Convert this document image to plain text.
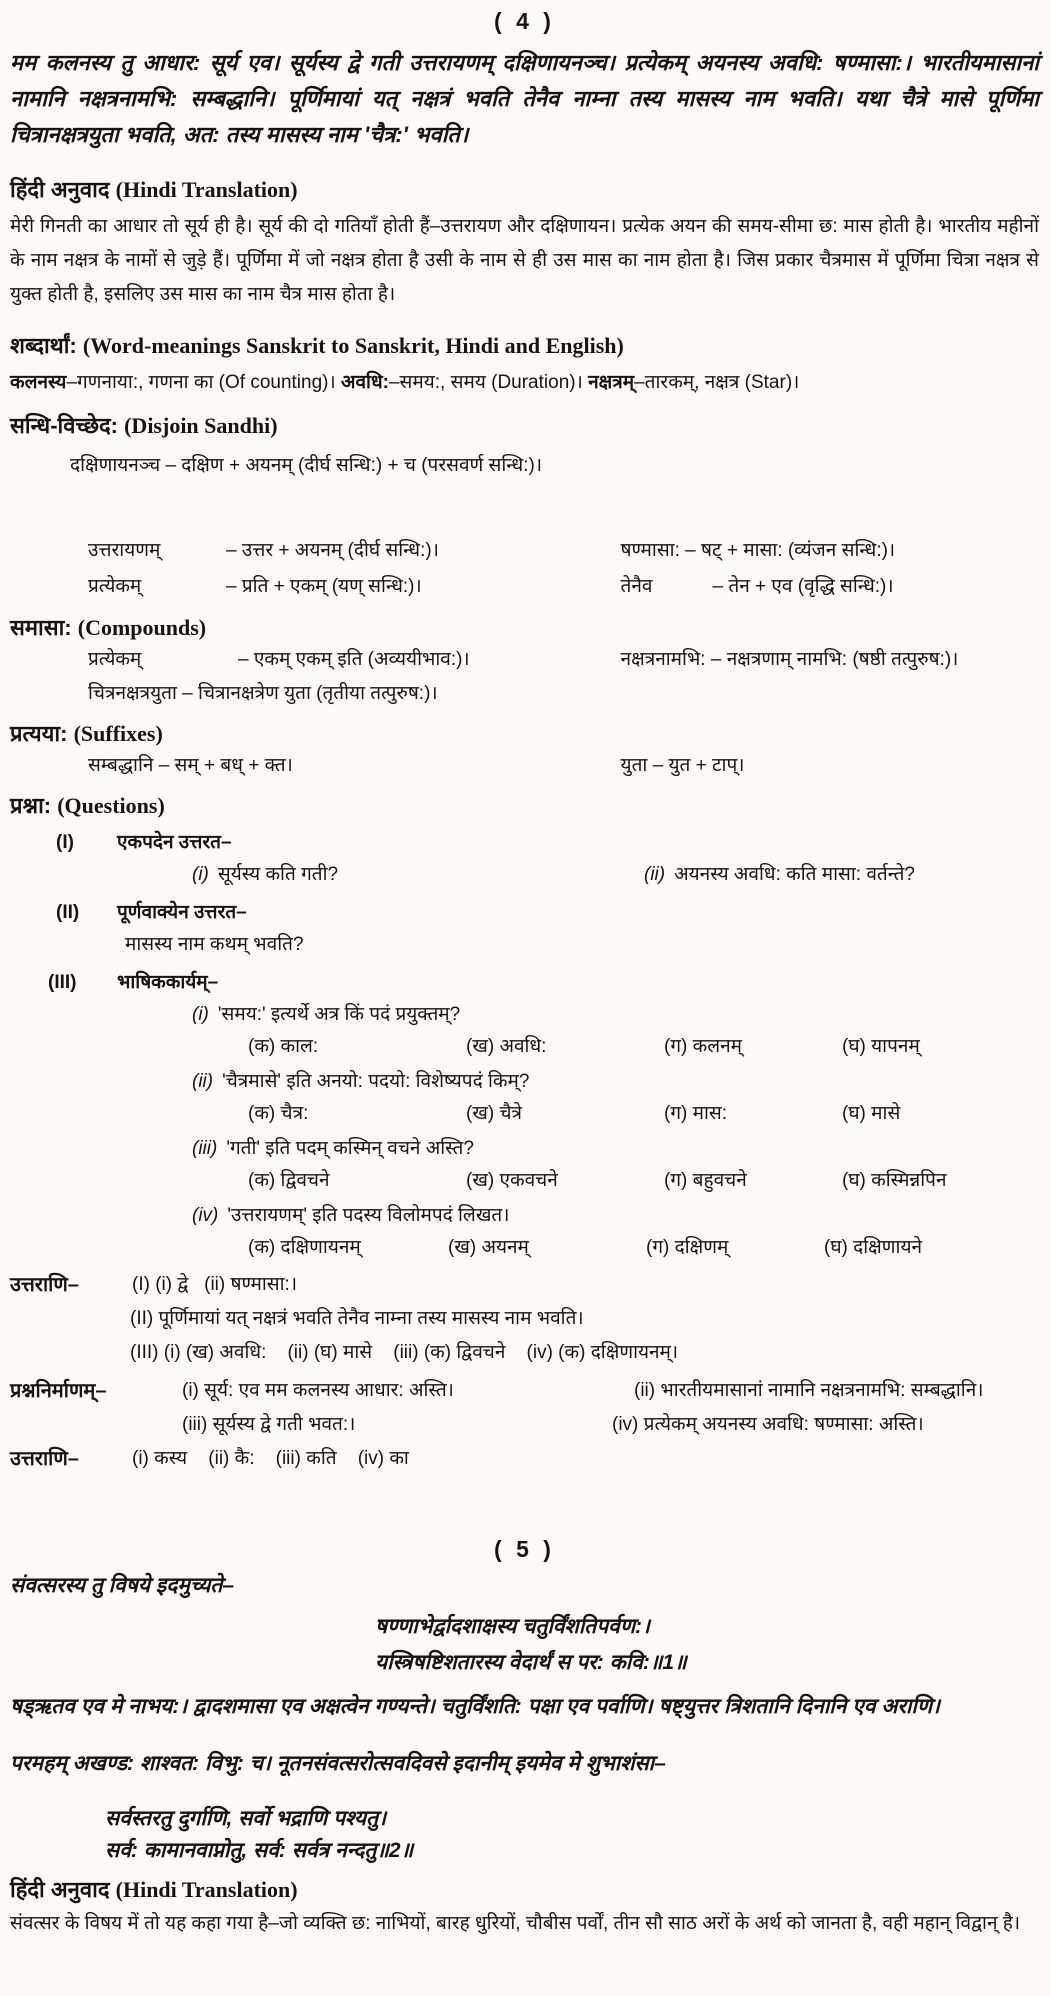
( 4 )

मम कलनस्य तु आधार: सूर्य एव। सूर्यस्य द्वे गती उत्तरायणम् दक्षिणायनञ्च। प्रत्येकम् अयनस्य अवधि: षण्मासा:। भारतीयमासानां नामानि नक्षत्रनामभि: सम्बद्धानि। पूर्णिमायां यत् नक्षत्रं भवति तेनैव नाम्ना तस्य मासस्य नाम भवति। यथा चैत्रे मासे पूर्णिमा चित्रानक्षत्रयुता भवति, अत: तस्य मासस्य नाम 'चैत्र:' भवति।

हिंदी अनुवाद (Hindi Translation)

मेरी गिनती का आधार तो सूर्य ही है। सूर्य की दो गतियाँ होती हैं–उत्तरायण और दक्षिणायन। प्रत्येक अयन की समय-सीमा छ: मास होती है। भारतीय महीनों के नाम नक्षत्र के नामों से जुड़े हैं। पूर्णिमा में जो नक्षत्र होता है उसी के नाम से ही उस मास का नाम होता है। जिस प्रकार चैत्रमास में पूर्णिमा चित्रा नक्षत्र से युक्त होती है, इसलिए उस मास का नाम चैत्र मास होता है।

शब्दार्थां: (Word-meanings Sanskrit to Sanskrit, Hindi and English)
कलनस्य–गणनाया:, गणना का (Of counting)। अवधि:–समय:, समय (Duration)। नक्षत्रम्–तारकम्, नक्षत्र (Star)।
सन्धि-विच्छेद: (Disjoin Sandhi)
दक्षिणायनञ्च – दक्षिण + अयनम् (दीर्घ सन्धि:) + च (परसवर्ण सन्धि:)।
उत्तरायणम्	– उत्तर + अयनम् (दीर्घ सन्धि:)।	षण्मासा: – षट् + मासा: (व्यंजन सन्धि:)।
प्रत्येकम्	– प्रति + एकम् (यण् सन्धि:)।	तेनैव	– तेन + एव (वृद्धि सन्धि:)।
समासा: (Compounds)
प्रत्येकम्	– एकम् एकम् इति (अव्ययीभाव:)।	नक्षत्रनामभि: – नक्षत्रणाम् नामभि: (षष्ठी तत्पुरुष:)।
चित्रनक्षत्रयुता – चित्रानक्षत्रेण युता (तृतीया तत्पुरुष:)।
प्रत्यया: (Suffixes)
सम्बद्धानि – सम् + बध् + क्त।	युता – युत + टाप्।
प्रश्ना: (Questions)
(I) एकपदेन उत्तरत–
(i) सूर्यस्य कति गती?	(ii) अयनस्य अवधि: कति मासा: वर्तन्ते?
(II) पूर्णवाक्येन उत्तरत–
मासस्य नाम कथम् भवति?
(III) भाषिककार्यम्–
(i) 'समय:' इत्यर्थे अत्र किं पदं प्रयुक्तम्?
(क) काल:	(ख) अवधि:	(ग) कलनम्	(घ) यापनम्
(ii) 'चैत्रमासे' इति अनयो: पदयो: विशेष्यपदं किम्?
(क) चैत्र:	(ख) चैत्रे	(ग) मास:	(घ) मासे
(iii) 'गती' इति पदम् कस्मिन् वचने अस्ति?
(क) द्विवचने	(ख) एकवचने	(ग) बहुवचने	(घ) कस्मिन्नपिन
(iv) 'उत्तरायणम्' इति पदस्य विलोमपदं लिखत।
(क) दक्षिणायनम्	(ख) अयनम्	(ग) दक्षिणम्	(घ) दक्षिणायने
उत्तराणि–	(I) (i) द्वे   (ii) षण्मासा:।
(II) पूर्णिमायां यत् नक्षत्रं भवति तेनैव नाम्ना तस्य मासस्य नाम भवति।
(III) (i) (ख) अवधि:    (ii) (घ) मासे    (iii) (क) द्विवचने    (iv) (क) दक्षिणायनम्।
प्रश्ननिर्माणम्–	(i) सूर्य: एव मम कलनस्य आधार: अस्ति।	(ii) भारतीयमासानां नामानि नक्षत्रनामभि: सम्बद्धानि।
(iii) सूर्यस्य द्वे गती भवत:।	(iv) प्रत्येकम् अयनस्य अवधि: षण्मासा: अस्ति।
उत्तराणि–	(i) कस्य    (ii) कै:    (iii) कति    (iv) का
( 5 )
संवत्सरस्य तु विषये इदमुच्यते–
षण्णाभेर्द्वादशाक्षस्य चतुर्विंशतिपर्वण:।
यस्त्रिषष्टिशतारस्य वेदार्थं स पर: कवि:॥1॥

षड्ऋतव एव मे नाभय:। द्वादशमासा एव अक्षत्वेन गण्यन्ते। चतुर्विंशति: पक्षा एव पर्वाणि। षष्ट्युत्तर त्रिशतानि दिनानि एव अराणि।

परमहम् अखण्ड: शाश्वत: विभु: च। नूतनसंवत्सरोत्सवदिवसे इदानीम् इयमेव मे शुभाशंसा–

सर्वस्तरतु दुर्गाणि, सर्वो भद्राणि पश्यतु।
सर्व: कामानवाप्नोतु, सर्व: सर्वत्र नन्दतु॥2॥
हिंदी अनुवाद (Hindi Translation)

संवत्सर के विषय में तो यह कहा गया है–जो व्यक्ति छ: नाभियों, बारह धुरियों, चौबीस पर्वों, तीन सौ साठ अरों के अर्थ को जानता है, वही महान् विद्वान् है।
